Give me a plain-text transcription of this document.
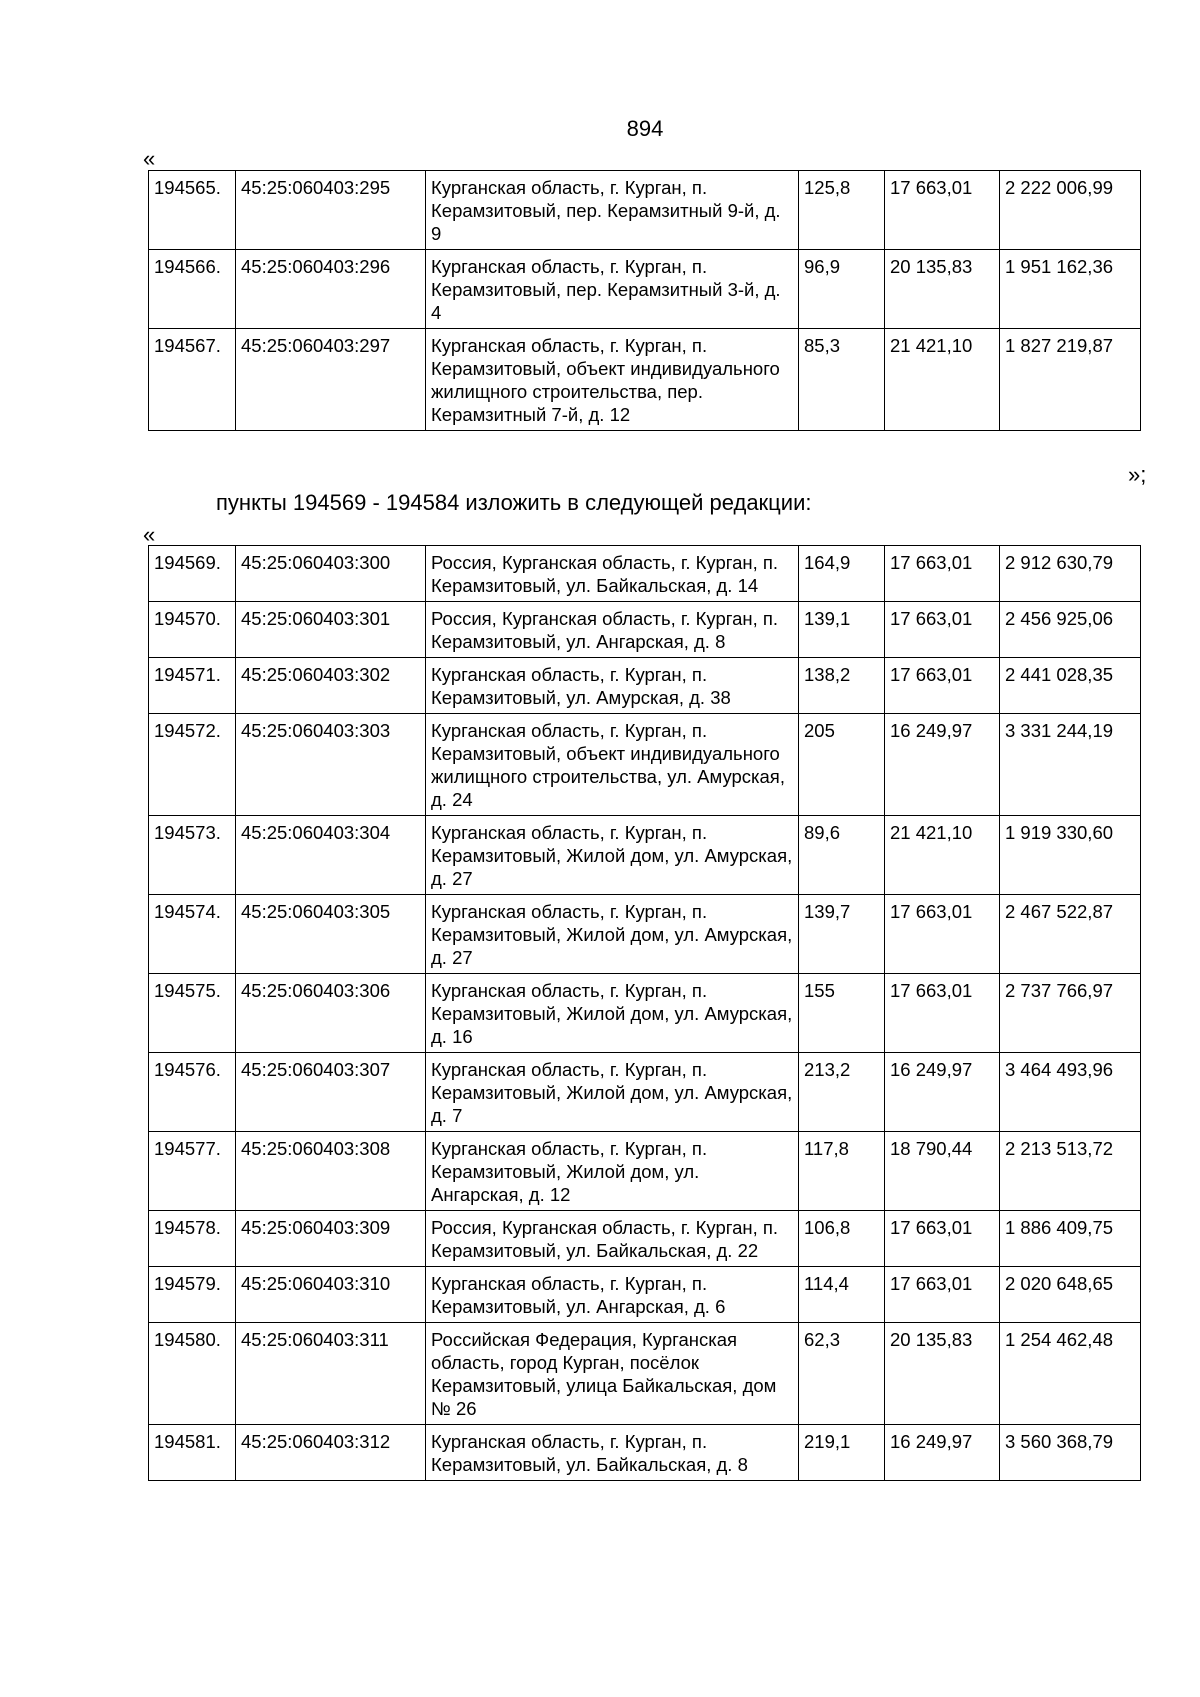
894
«
194565.	45:25:060403:295	Курганская область, г. Курган, п. Керамзитовый, пер. Керамзитный 9-й, д. 9	125,8	17 663,01	2 222 006,99
194566.	45:25:060403:296	Курганская область, г. Курган, п. Керамзитовый, пер. Керамзитный 3-й, д. 4	96,9	20 135,83	1 951 162,36
194567.	45:25:060403:297	Курганская область, г. Курган, п. Керамзитовый, объект индивидуального жилищного строительства, пер. Керамзитный 7-й, д. 12	85,3	21 421,10	1 827 219,87
»;
пункты 194569 - 194584 изложить в следующей редакции:
«
194569.	45:25:060403:300	Россия, Курганская область, г. Курган, п. Керамзитовый, ул. Байкальская, д. 14	164,9	17 663,01	2 912 630,79
194570.	45:25:060403:301	Россия, Курганская область, г. Курган, п. Керамзитовый, ул. Ангарская, д. 8	139,1	17 663,01	2 456 925,06
194571.	45:25:060403:302	Курганская область, г. Курган, п. Керамзитовый, ул. Амурская, д. 38	138,2	17 663,01	2 441 028,35
194572.	45:25:060403:303	Курганская область, г. Курган, п. Керамзитовый, объект индивидуального жилищного строительства, ул. Амурская, д. 24	205	16 249,97	3 331 244,19
194573.	45:25:060403:304	Курганская область, г. Курган, п. Керамзитовый, Жилой дом, ул. Амурская, д. 27	89,6	21 421,10	1 919 330,60
194574.	45:25:060403:305	Курганская область, г. Курган, п. Керамзитовый, Жилой дом, ул. Амурская, д. 27	139,7	17 663,01	2 467 522,87
194575.	45:25:060403:306	Курганская область, г. Курган, п. Керамзитовый, Жилой дом, ул. Амурская, д. 16	155	17 663,01	2 737 766,97
194576.	45:25:060403:307	Курганская область, г. Курган, п. Керамзитовый, Жилой дом, ул. Амурская, д. 7	213,2	16 249,97	3 464 493,96
194577.	45:25:060403:308	Курганская область, г. Курган, п. Керамзитовый, Жилой дом, ул. Ангарская, д. 12	117,8	18 790,44	2 213 513,72
194578.	45:25:060403:309	Россия, Курганская область, г. Курган, п. Керамзитовый, ул. Байкальская, д. 22	106,8	17 663,01	1 886 409,75
194579.	45:25:060403:310	Курганская область, г. Курган, п. Керамзитовый, ул. Ангарская, д. 6	114,4	17 663,01	2 020 648,65
194580.	45:25:060403:311	Российская Федерация, Курганская область, город Курган, посёлок Керамзитовый, улица Байкальская, дом № 26	62,3	20 135,83	1 254 462,48
194581.	45:25:060403:312	Курганская область, г. Курган, п. Керамзитовый, ул. Байкальская, д. 8	219,1	16 249,97	3 560 368,79
